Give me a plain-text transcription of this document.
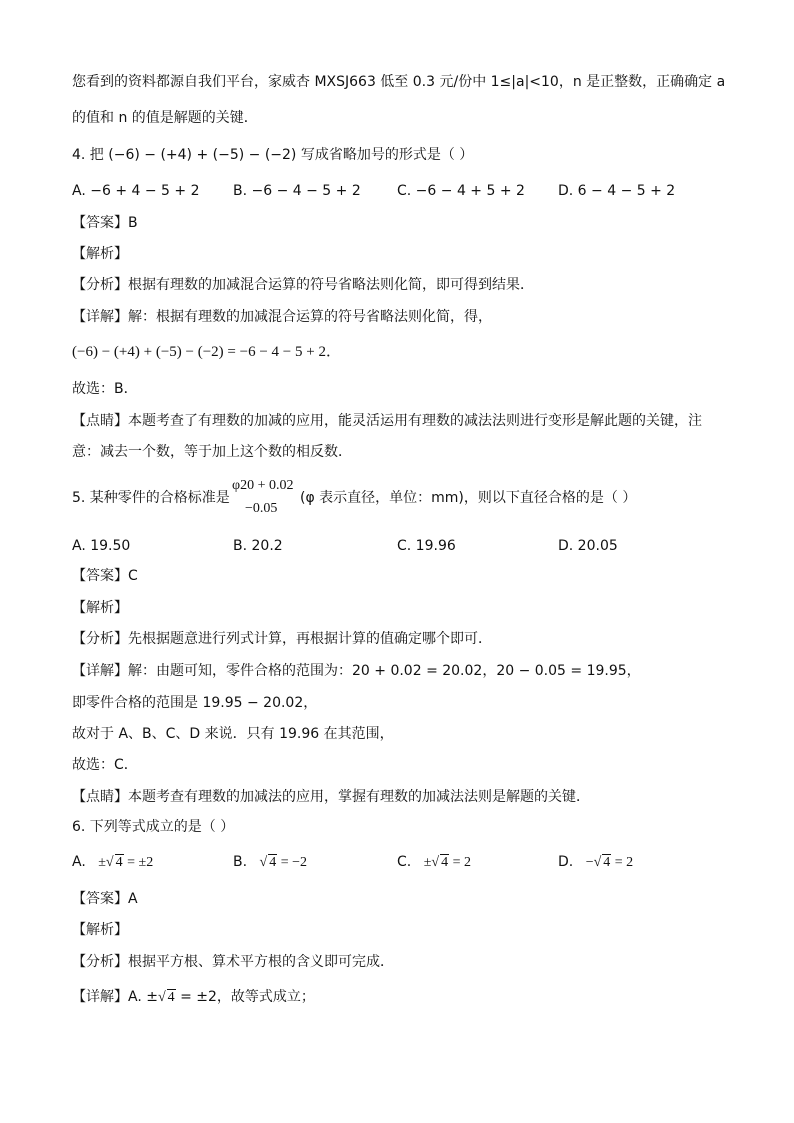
您看到的资料都源自我们平台，家威杏 MXSJ663 低至 0.3 元/份中 1≤|a|<10，n 是正整数，正确确定 a
的值和 n 的值是解题的关键．
4. 把 (−6) − (+4) + (−5) − (−2) 写成省略加号的形式是（ ）
A. −6 + 4 − 5 + 2 B. −6 − 4 − 5 + 2	C. −6 − 4 + 5 + 2 D. 6 − 4 − 5 + 2
【答案】B
【解析】
【分析】根据有理数的加减混合运算的符号省略法则化简，即可得到结果．
【详解】解：根据有理数的加减混合运算的符号省略法则化简，得，
(−6) − (+4) + (−5) − (−2) = −6 − 4 − 5 + 2．
故选：B．
【点睛】本题考查了有理数的加减的应用，能灵活运用有理数的减法法则进行变形是解此题的关键，注
意：减去一个数，等于加上这个数的相反数．
5. 某种零件的合格标准是
φ20 + 0.02
−0.05
(φ 表示直径，单位：mm)，则以下直径合格的是（ ）
A. 19.50	B. 20.2	C. 19.96	D. 20.05
【答案】C
【解析】
【分析】先根据题意进行列式计算，再根据计算的值确定哪个即可．
【详解】解：由题可知，零件合格的范围为：20 + 0.02 = 20.02，20 − 0.05 = 19.95，
即零件合格的范围是 19.95 − 20.02，
故对于 A、B、C、D 来说．只有 19.96 在其范围，
故选：C．
【点睛】本题考查有理数的加减法的应用，掌握有理数的加减法法则是解题的关键．
6. 下列等式成立的是（ ）
A. ±√ 4 = ±2	B. √ 4 = −2	C. ±√ 4 = 2	D. −√ 4 = 2
【答案】A
【解析】
【分析】根据平方根、算术平方根的含义即可完成．
【详解】A. ±√ 4 = ±2，故等式成立；
